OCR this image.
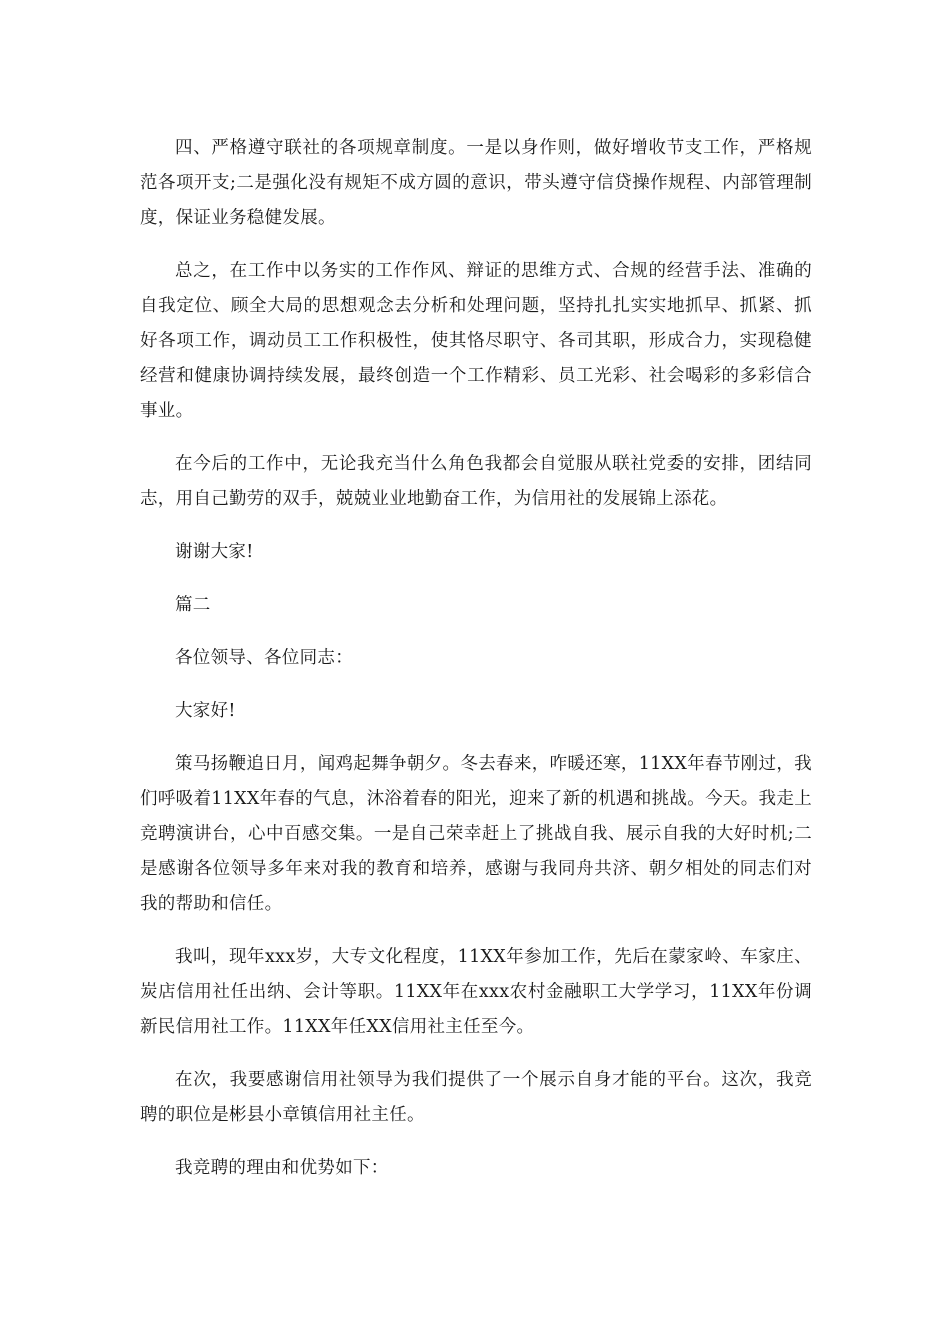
四、严格遵守联社的各项规章制度。一是以身作则，做好增收节支工作，严格规范各项开支;二是强化没有规矩不成方圆的意识，带头遵守信贷操作规程、内部管理制度，保证业务稳健发展。

总之，在工作中以务实的工作作风、辩证的思维方式、合规的经营手法、准确的自我定位、顾全大局的思想观念去分析和处理问题，坚持扎扎实实地抓早、抓紧、抓好各项工作，调动员工工作积极性，使其恪尽职守、各司其职，形成合力，实现稳健经营和健康协调持续发展，最终创造一个工作精彩、员工光彩、社会喝彩的多彩信合事业。

在今后的工作中，无论我充当什么角色我都会自觉服从联社党委的安排，团结同志，用自己勤劳的双手，兢兢业业地勤奋工作，为信用社的发展锦上添花。

谢谢大家!

篇二

各位领导、各位同志：

大家好!

策马扬鞭追日月，闻鸡起舞争朝夕。冬去春来，咋暖还寒，11XX年春节刚过，我们呼吸着11XX年春的气息，沐浴着春的阳光，迎来了新的机遇和挑战。今天。我走上竞聘演讲台，心中百感交集。一是自己荣幸赶上了挑战自我、展示自我的大好时机;二是感谢各位领导多年来对我的教育和培养，感谢与我同舟共济、朝夕相处的同志们对我的帮助和信任。

我叫，现年xxx岁，大专文化程度，11XX年参加工作，先后在蒙家岭、车家庄、炭店信用社任出纳、会计等职。11XX年在xxx农村金融职工大学学习，11XX年份调新民信用社工作。11XX年任XX信用社主任至今。

在次，我要感谢信用社领导为我们提供了一个展示自身才能的平台。这次，我竞聘的职位是彬县小章镇信用社主任。

我竞聘的理由和优势如下：
